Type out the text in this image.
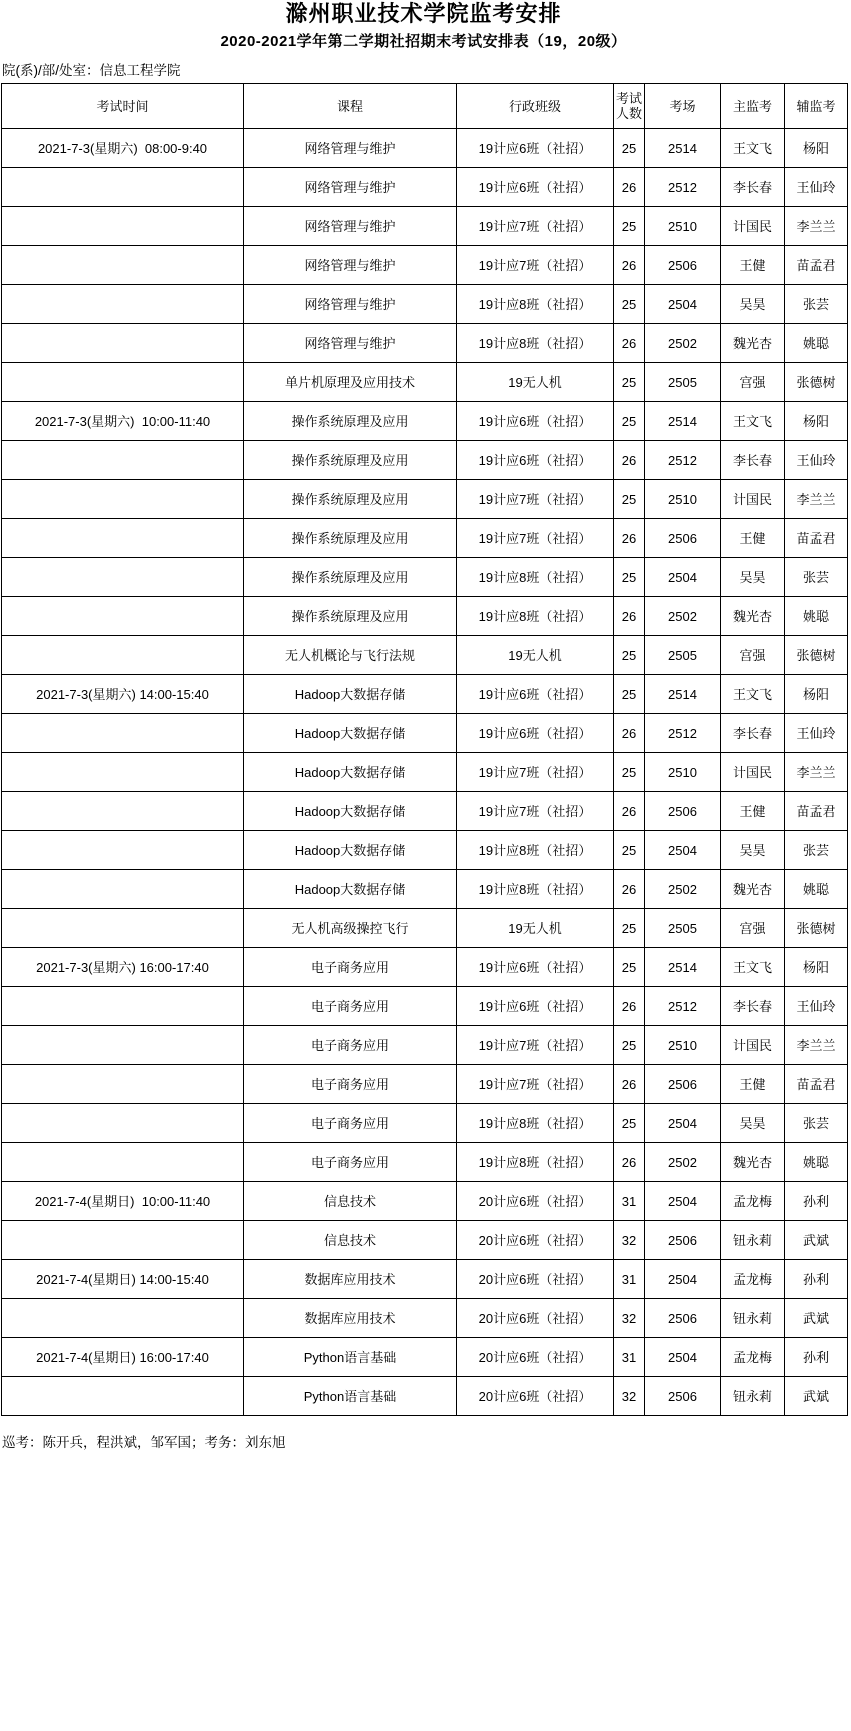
滁州职业技术学院监考安排
2020-2021学年第二学期社招期末考试安排表（19，20级）
院(系)/部/处室：信息工程学院
考试时间	课程	行政班级	考试人数	考场	主监考	辅监考
2021-7-3(星期六)  08:00-9:40	网络管理与维护	19计应6班（社招）	25	2514	王文飞	杨阳
	网络管理与维护	19计应6班（社招）	26	2512	李长春	王仙玲
	网络管理与维护	19计应7班（社招）	25	2510	计国民	李兰兰
	网络管理与维护	19计应7班（社招）	26	2506	王健	苗孟君
	网络管理与维护	19计应8班（社招）	25	2504	吴昊	张芸
	网络管理与维护	19计应8班（社招）	26	2502	魏光杏	姚聪
	单片机原理及应用技术	19无人机	25	2505	宫强	张德树
2021-7-3(星期六)  10:00-11:40	操作系统原理及应用	19计应6班（社招）	25	2514	王文飞	杨阳
	操作系统原理及应用	19计应6班（社招）	26	2512	李长春	王仙玲
	操作系统原理及应用	19计应7班（社招）	25	2510	计国民	李兰兰
	操作系统原理及应用	19计应7班（社招）	26	2506	王健	苗孟君
	操作系统原理及应用	19计应8班（社招）	25	2504	吴昊	张芸
	操作系统原理及应用	19计应8班（社招）	26	2502	魏光杏	姚聪
	无人机概论与飞行法规	19无人机	25	2505	宫强	张德树
2021-7-3(星期六) 14:00-15:40	Hadoop大数据存储	19计应6班（社招）	25	2514	王文飞	杨阳
	Hadoop大数据存储	19计应6班（社招）	26	2512	李长春	王仙玲
	Hadoop大数据存储	19计应7班（社招）	25	2510	计国民	李兰兰
	Hadoop大数据存储	19计应7班（社招）	26	2506	王健	苗孟君
	Hadoop大数据存储	19计应8班（社招）	25	2504	吴昊	张芸
	Hadoop大数据存储	19计应8班（社招）	26	2502	魏光杏	姚聪
	无人机高级操控飞行	19无人机	25	2505	宫强	张德树
2021-7-3(星期六) 16:00-17:40	电子商务应用	19计应6班（社招）	25	2514	王文飞	杨阳
	电子商务应用	19计应6班（社招）	26	2512	李长春	王仙玲
	电子商务应用	19计应7班（社招）	25	2510	计国民	李兰兰
	电子商务应用	19计应7班（社招）	26	2506	王健	苗孟君
	电子商务应用	19计应8班（社招）	25	2504	吴昊	张芸
	电子商务应用	19计应8班（社招）	26	2502	魏光杏	姚聪
2021-7-4(星期日)  10:00-11:40	信息技术	20计应6班（社招）	31	2504	孟龙梅	孙利
	信息技术	20计应6班（社招）	32	2506	钮永莉	武斌
2021-7-4(星期日) 14:00-15:40	数据库应用技术	20计应6班（社招）	31	2504	孟龙梅	孙利
	数据库应用技术	20计应6班（社招）	32	2506	钮永莉	武斌
2021-7-4(星期日) 16:00-17:40	Python语言基础	20计应6班（社招）	31	2504	孟龙梅	孙利
	Python语言基础	20计应6班（社招）	32	2506	钮永莉	武斌
巡考：陈开兵，程洪斌，邹军国；考务：刘东旭
